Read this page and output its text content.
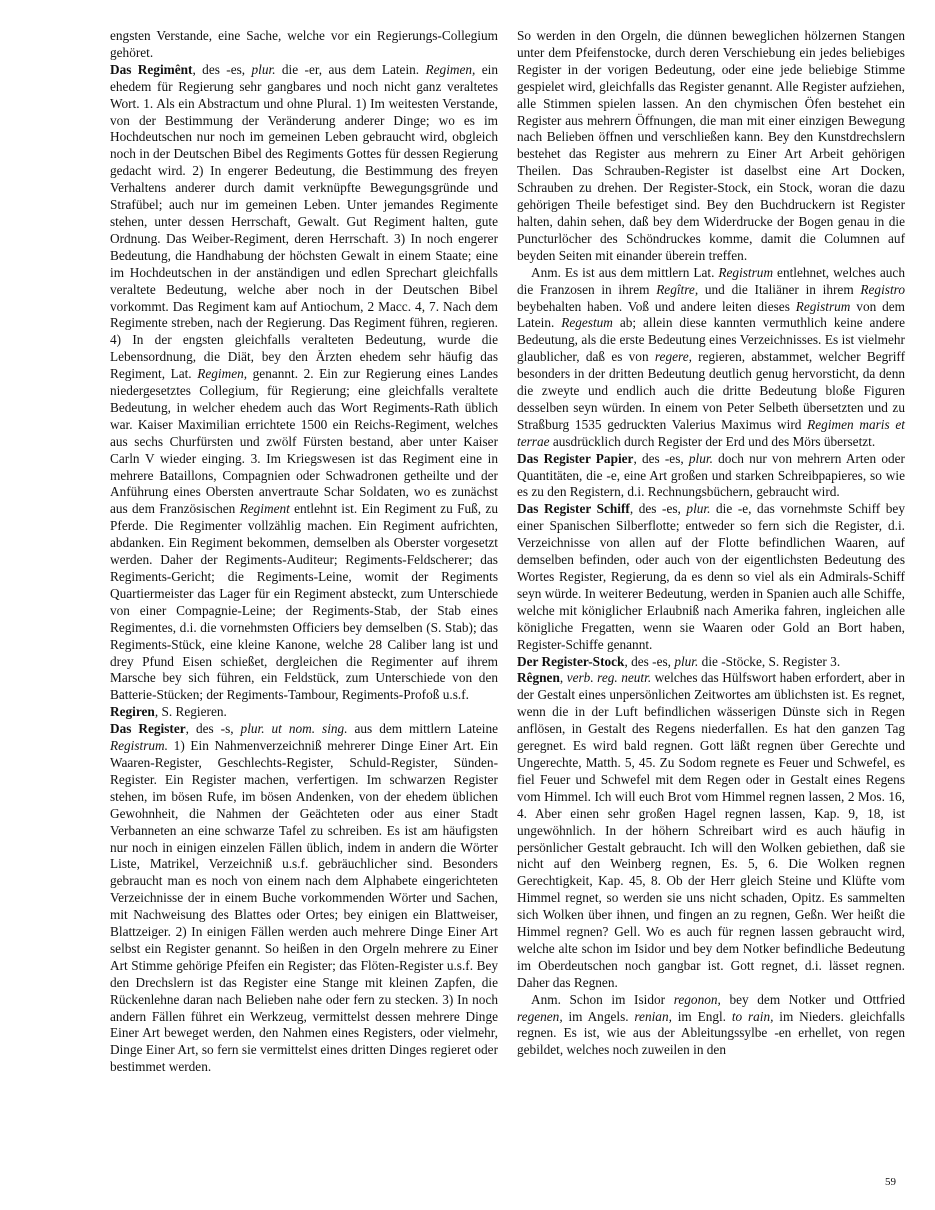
engsten Verstande, eine Sache, welche vor ein Regierungs-Collegium gehöret.

Das Regimênt, des -es, plur. die -er, aus dem Latein. Regimen, ein ehedem für Regierung sehr gangbares und noch nicht ganz veraltetes Wort. 1. Als ein Abstractum und ohne Plural. 1) Im weitesten Verstande, von der Bestimmung der Veränderung anderer Dinge; wo es im Hochdeutschen nur noch im gemeinen Leben gebraucht wird, obgleich noch in der Deutschen Bibel des Regiments Gottes für dessen Regierung gedacht wird. 2) In engerer Bedeutung, die Bestimmung des freyen Verhaltens anderer durch damit verknüpfte Bewegungsgründe und Strafübel; auch nur im gemeinen Leben. Unter jemandes Regimente stehen, unter dessen Herrschaft, Gewalt. Gut Regiment halten, gute Ordnung. Das Weiber-Regiment, deren Herrschaft. 3) In noch engerer Bedeutung, die Handhabung der höchsten Gewalt in einem Staate; eine im Hochdeutschen in der anständigen und edlen Sprechart gleichfalls veraltete Bedeutung, welche aber noch in der Deutschen Bibel vorkommt. Das Regiment kam auf Antiochum, 2 Macc. 4, 7. Nach dem Regimente streben, nach der Regierung. Das Regiment führen, regieren. 4) In der engsten gleichfalls veralteten Bedeutung, wurde die Lebensordnung, die Diät, bey den Ärzten ehedem sehr häufig das Regiment, Lat. Regimen, genannt. 2. Ein zur Regierung eines Landes niedergesetztes Collegium, für Regierung; eine gleichfalls veraltete Bedeutung, in welcher ehedem auch das Wort Regiments-Rath üblich war. Kaiser Maximilian errichtete 1500 ein Reichs-Regiment, welches aus sechs Churfürsten und zwölf Fürsten bestand, aber unter Kaiser Carln V wieder einging. 3. Im Kriegswesen ist das Regiment eine in mehrere Bataillons, Compagnien oder Schwadronen getheilte und der Anführung eines Obersten anvertraute Schar Soldaten, wo es zunächst aus dem Französischen Regiment entlehnt ist. Ein Regiment zu Fuß, zu Pferde. Die Regimenter vollzählig machen. Ein Regiment aufrichten, abdanken. Ein Regiment bekommen, demselben als Oberster vorgesetzt werden. Daher der Regiments-Auditeur; Regiments-Feldscherer; das Regiments-Gericht; die Regiments-Leine, womit der Regiments Quartiermeister das Lager für ein Regiment absteckt, zum Unterschiede von einer Compagnie-Leine; der Regiments-Stab, der Stab eines Regimentes, d.i. die vornehmsten Officiers bey demselben (S. Stab); das Regiments-Stück, eine kleine Kanone, welche 28 Caliber lang ist und drey Pfund Eisen schießet, dergleichen die Regimenter auf ihrem Marsche bey sich führen, ein Feldstück, zum Unterschiede von den Batterie-Stücken; der Regiments-Tambour, Regiments-Profoß u.s.f.

Regiren, S. Regieren.

Das Register, des -s, plur. ut nom. sing. aus dem mittlern Lateine Registrum. 1) Ein Nahmenverzeichniß mehrerer Dinge Einer Art. Ein Waaren-Register, Geschlechts-Register, Schuld-Register, Sünden-Register. Ein Register machen, verfertigen. Im schwarzen Register stehen, im bösen Rufe, im bösen Andenken, von der ehedem üblichen Gewohnheit, die Nahmen der Geächteten oder aus einer Stadt Verbanneten an eine schwarze Tafel zu schreiben. Es ist am häufigsten nur noch in einigen einzelen Fällen üblich, indem in andern die Wörter Liste, Matrikel, Verzeichniß u.s.f. gebräuchlicher sind. Besonders gebraucht man es noch von einem nach dem Alphabete eingerichteten Verzeichnisse der in einem Buche vorkommenden Wörter und Sachen, mit Nachweisung des Blattes oder Ortes; bey einigen ein Blattweiser, Blattzeiger. 2) In einigen Fällen werden auch mehrere Dinge Einer Art selbst ein Register genannt. So heißen in den Orgeln mehrere zu Einer Art Stimme gehörige Pfeifen ein Register; das Flöten-Register u.s.f. Bey den Drechslern ist das Register eine Stange mit kleinen Zapfen, die Rückenlehne daran nach Belieben nahe oder fern zu stecken. 3) In noch andern Fällen führet ein Werkzeug, vermittelst dessen mehrere Dinge Einer Art beweget werden, den Nahmen eines Registers, oder vielmehr, Dinge Einer Art, so fern sie vermittelst eines dritten Dinges regieret oder bestimmet werden.

So werden in den Orgeln, die dünnen beweglichen hölzernen Stangen unter dem Pfeifenstocke, durch deren Verschiebung ein jedes beliebiges Register in der vorigen Bedeutung, oder eine jede beliebige Stimme gespielet wird, gleichfalls das Register genannt. Alle Register aufziehen, alle Stimmen spielen lassen. An den chymischen Öfen bestehet ein Register aus mehrern Öffnungen, die man mit einer einzigen Bewegung nach Belieben öffnen und verschließen kann. Bey den Kunstdrechslern bestehet das Register aus mehrern zu Einer Art Arbeit gehörigen Theilen. Das Schrauben-Register ist daselbst eine Art Docken, Schrauben zu drehen. Der Register-Stock, ein Stock, woran die dazu gehörigen Theile befestiget sind. Bey den Buchdruckern ist Register halten, dahin sehen, daß bey dem Widerdrucke der Bogen genau in die Puncturlöcher des Schöndruckes komme, damit die Columnen auf beyden Seiten mit einander überein treffen.

Anm. Es ist aus dem mittlern Lat. Registrum entlehnet, welches auch die Franzosen in ihrem Regître, und die Italiäner in ihrem Registro beybehalten haben. Voß und andere leiten dieses Registrum von dem Latein. Regestum ab; allein diese kannten vermuthlich keine andere Bedeutung, als die erste Bedeutung eines Verzeichnisses. Es ist vielmehr glaublicher, daß es von regere, regieren, abstammet, welcher Begriff besonders in der dritten Bedeutung deutlich genug hervorsticht, da denn die zweyte und endlich auch die dritte Bedeutung bloße Figuren desselben seyn würden. In einem von Peter Selbeth übersetzten und zu Straßburg 1535 gedruckten Valerius Maximus wird Regimen maris et terrae ausdrücklich durch Register der Erd und des Mörs übersetzt.

Das Register Papier, des -es, plur. doch nur von mehrern Arten oder Quantitäten, die -e, eine Art großen und starken Schreibpapieres, so wie es zu den Registern, d.i. Rechnungsbüchern, gebraucht wird.

Das Register Schiff, des -es, plur. die -e, das vornehmste Schiff bey einer Spanischen Silberflotte; entweder so fern sich die Register, d.i. Verzeichnisse von allen auf der Flotte befindlichen Waaren, auf demselben befinden, oder auch von der eigentlichsten Bedeutung des Wortes Register, Regierung, da es denn so viel als ein Admirals-Schiff seyn würde. In weiterer Bedeutung, werden in Spanien auch alle Schiffe, welche mit königlicher Erlaubniß nach Amerika fahren, ingleichen alle königliche Fregatten, wenn sie Waaren oder Gold an Bort haben, Register-Schiffe genannt.

Der Register-Stock, des -es, plur. die -Stöcke, S. Register 3.

Rêgnen, verb. reg. neutr. welches das Hülfswort haben erfordert, aber in der Gestalt eines unpersönlichen Zeitwortes am üblichsten ist. Es regnet, wenn die in der Luft befindlichen wässerigen Dünste sich in Regen anflösen, in Gestalt des Regens niederfallen. Es hat den ganzen Tag geregnet. Es wird bald regnen. Gott läßt regnen über Gerechte und Ungerechte, Matth. 5, 45. Zu Sodom regnete es Feuer und Schwefel, es fiel Feuer und Schwefel mit dem Regen oder in Gestalt eines Regens vom Himmel. Ich will euch Brot vom Himmel regnen lassen, 2 Mos. 16, 4. Aber einen sehr großen Hagel regnen lassen, Kap. 9, 18, ist ungewöhnlich. In der höhern Schreibart wird es auch häufig in persönlicher Gestalt gebraucht. Ich will den Wolken gebiethen, daß sie nicht auf den Weinberg regnen, Es. 5, 6. Die Wolken regnen Gerechtigkeit, Kap. 45, 8. Ob der Herr gleich Steine und Klüfte vom Himmel regnet, so werden sie uns nicht schaden, Opitz. Es sammelten sich Wolken über ihnen, und fingen an zu regnen, Geßn. Wer heißt die Himmel regnen? Gell. Wo es auch für regnen lassen gebraucht wird, welche alte schon im Isidor und bey dem Notker befindliche Bedeutung im Oberdeutschen noch gangbar ist. Gott regnet, d.i. lässet regnen. Daher das Regnen.

Anm. Schon im Isidor regonon, bey dem Notker und Ottfried regenen, im Angels. renian, im Engl. to rain, im Nieders. gleichfalls regnen. Es ist, wie aus der Ableitungssylbe -en erhellet, von regen gebildet, welches noch zuweilen in den

59
